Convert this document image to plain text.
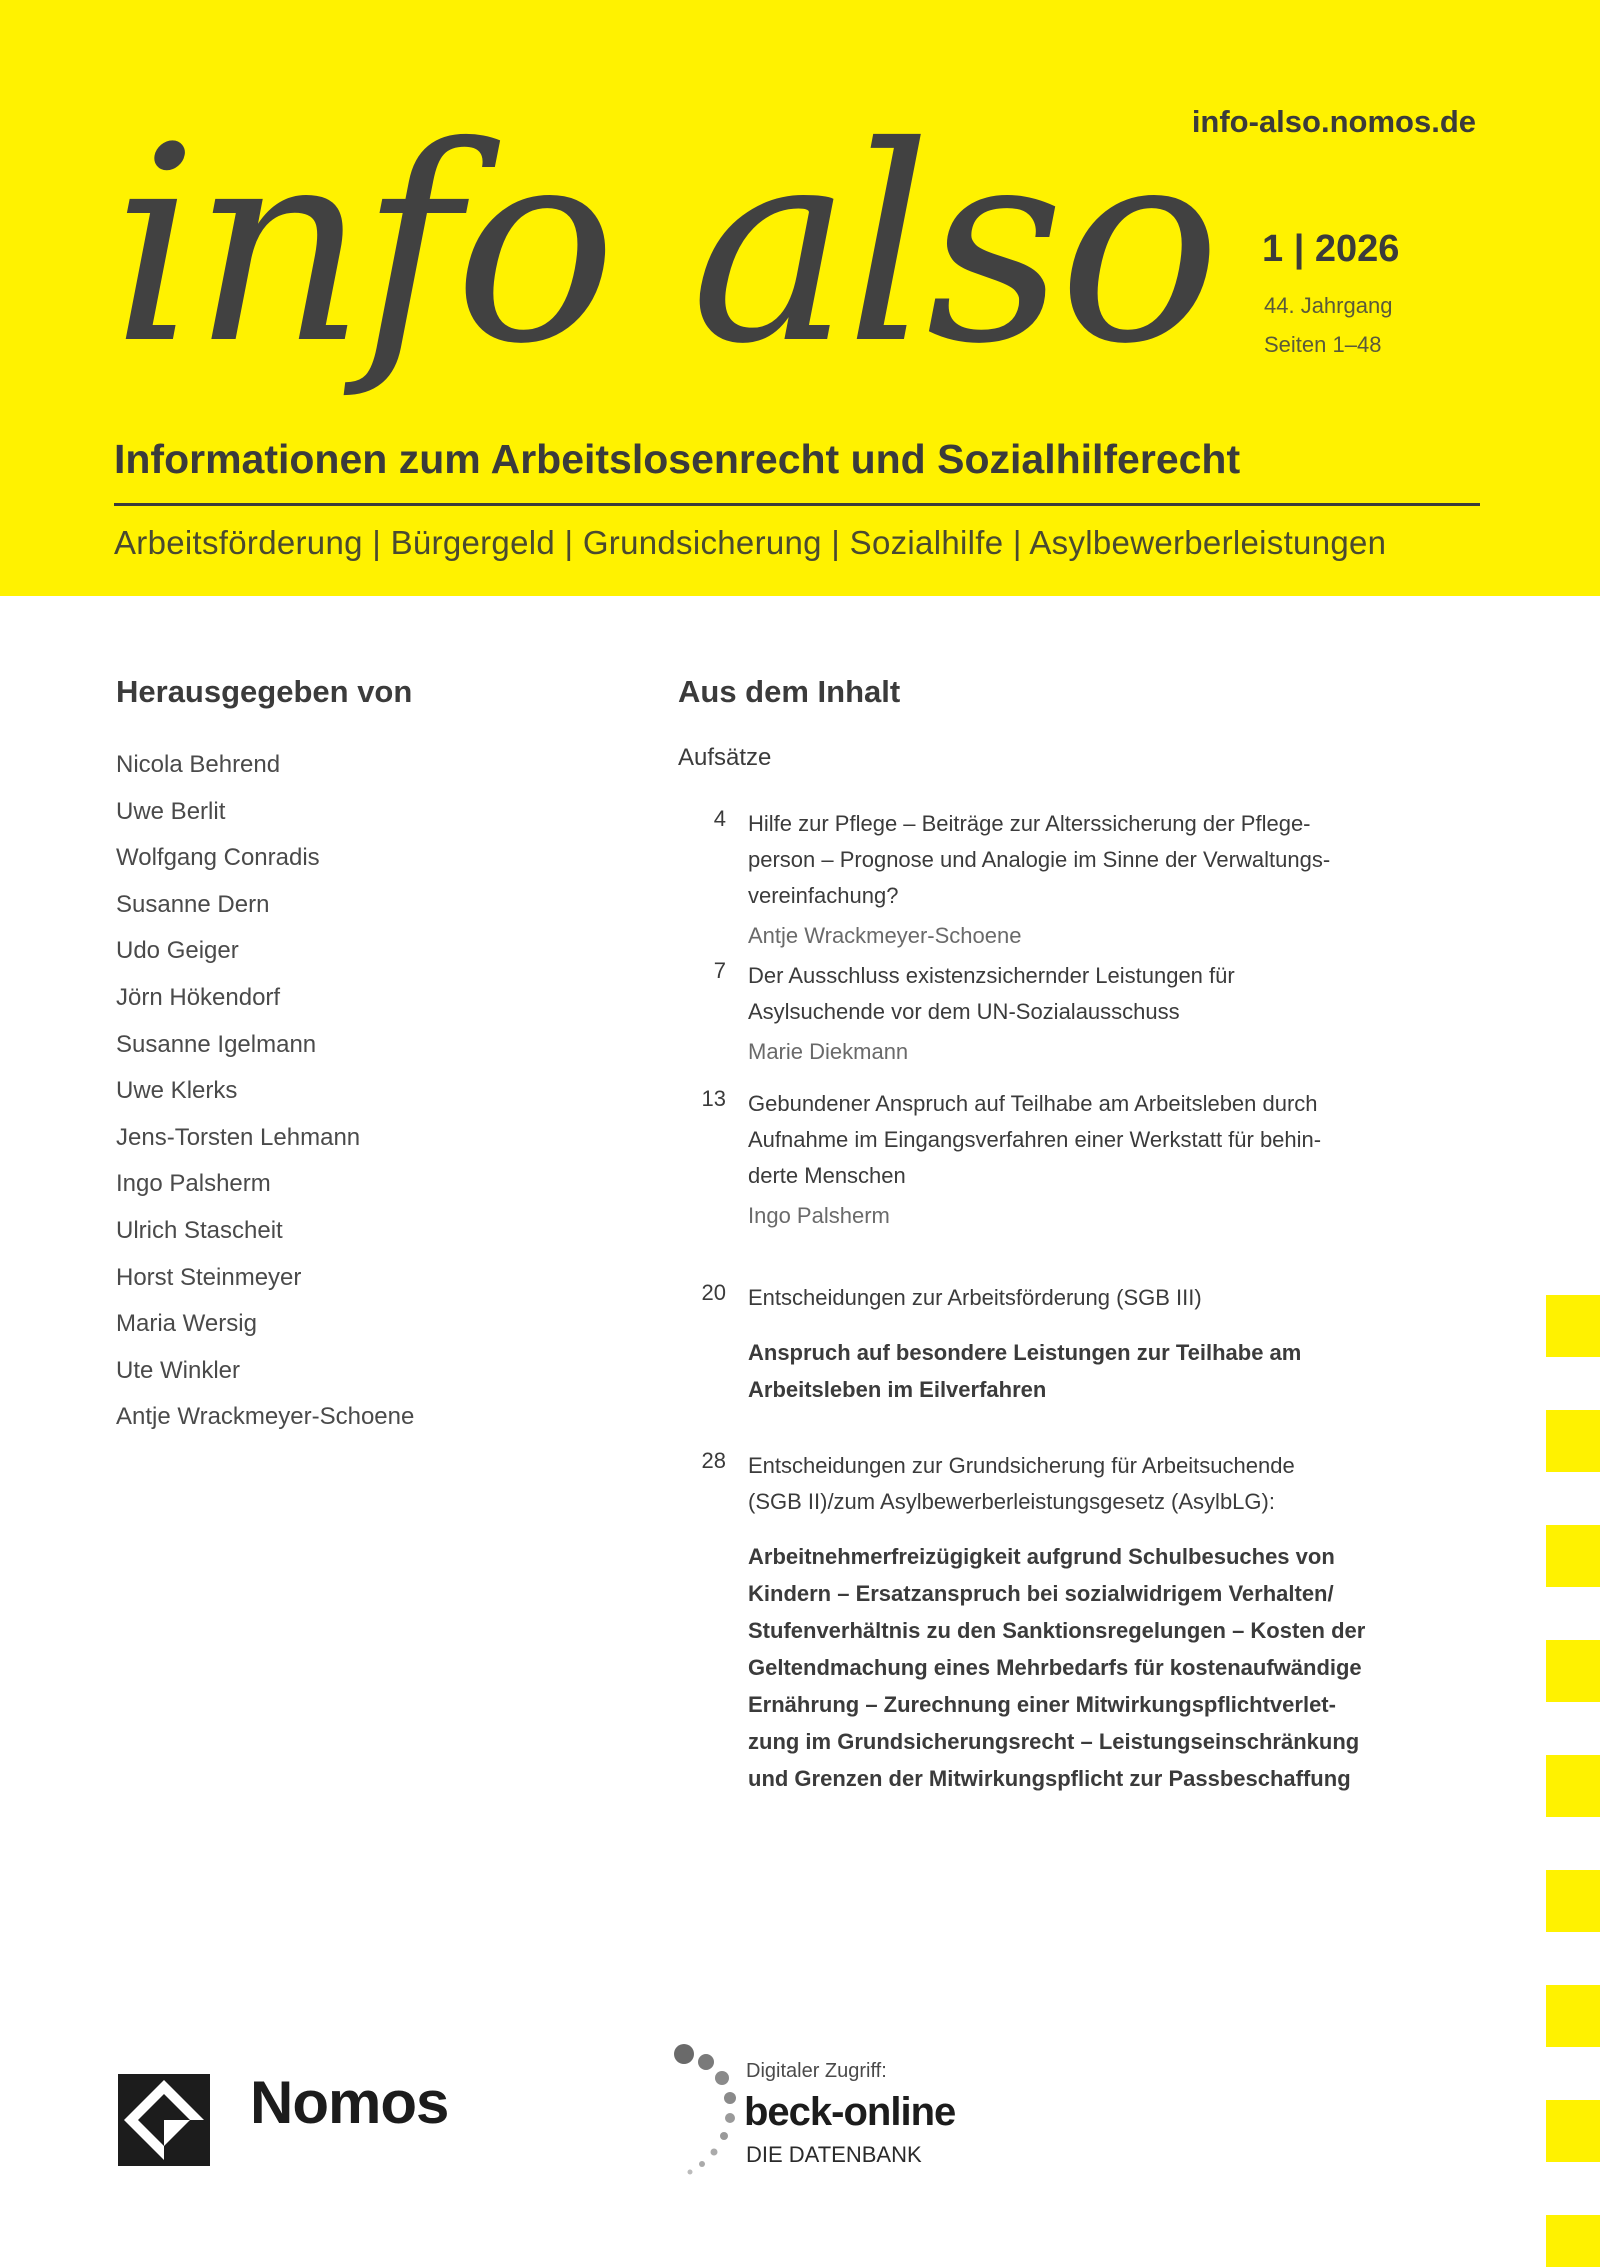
info-also.nomos.de
info also 1 | 2026
44. Jahrgang
Seiten 1–48
Informationen zum Arbeitslosenrecht und Sozialhilferecht
Arbeitsförderung | Bürgergeld | Grundsicherung | Sozialhilfe | Asylbewerberleistungen
Herausgegeben von
Nicola Behrend
Uwe Berlit
Wolfgang Conradis
Susanne Dern
Udo Geiger
Jörn Hökendorf
Susanne Igelmann
Uwe Klerks
Jens-Torsten Lehmann
Ingo Palsherm
Ulrich Stascheit
Horst Steinmeyer
Maria Wersig
Ute Winkler
Antje Wrackmeyer-Schoene
Aus dem Inhalt
Aufsätze
4 Hilfe zur Pflege – Beiträge zur Alterssicherung der Pflege-
person – Prognose und Analogie im Sinne der Verwaltungs-
vereinfachung?
Antje Wrackmeyer-Schoene
7 Der Ausschluss existenzsichernder Leistungen für
Asylsuchende vor dem UN-Sozialausschuss
Marie Diekmann
13 Gebundener Anspruch auf Teilhabe am Arbeitsleben durch
Aufnahme im Eingangsverfahren einer Werkstatt für behin-
derte Menschen
Ingo Palsherm
20 Entscheidungen zur Arbeitsförderung (SGB III)
Anspruch auf besondere Leistungen zur Teilhabe am
Arbeitsleben im Eilverfahren
28 Entscheidungen zur Grundsicherung für Arbeitsuchende
(SGB II)/zum Asylbewerberleistungsgesetz (AsylbLG):
Arbeitnehmerfreizügigkeit aufgrund Schulbesuches von
Kindern – Ersatzanspruch bei sozialwidrigem Verhalten/
Stufenverhältnis zu den Sanktionsregelungen – Kosten der
Geltendmachung eines Mehrbedarfs für kostenaufwändige
Ernährung – Zurechnung einer Mitwirkungspflichtverlet-
zung im Grundsicherungsrecht – Leistungseinschränkung
und Grenzen der Mitwirkungspflicht zur Passbeschaffung
Nomos	Digitaler Zugriff:
beck-online
DIE DATENBANK
